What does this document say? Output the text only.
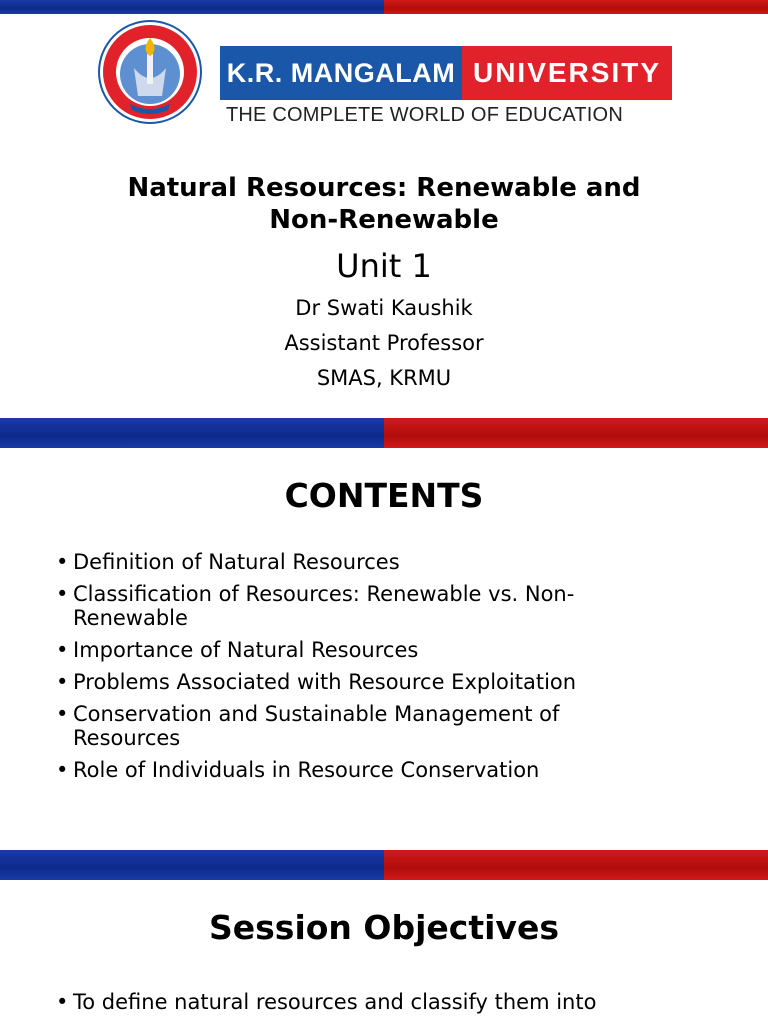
K.R. MANGALAM UNIVERSITY
THE COMPLETE WORLD OF EDUCATION
Natural Resources: Renewable and
Non-Renewable
Unit 1
Dr Swati Kaushik
Assistant Professor
SMAS, KRMU
CONTENTS
• Definition of Natural Resources
• Classification of Resources: Renewable vs. Non-Renewable
• Importance of Natural Resources
• Problems Associated with Resource Exploitation
• Conservation and Sustainable Management of Resources
• Role of Individuals in Resource Conservation
Session Objectives
• To define natural resources and classify them into
